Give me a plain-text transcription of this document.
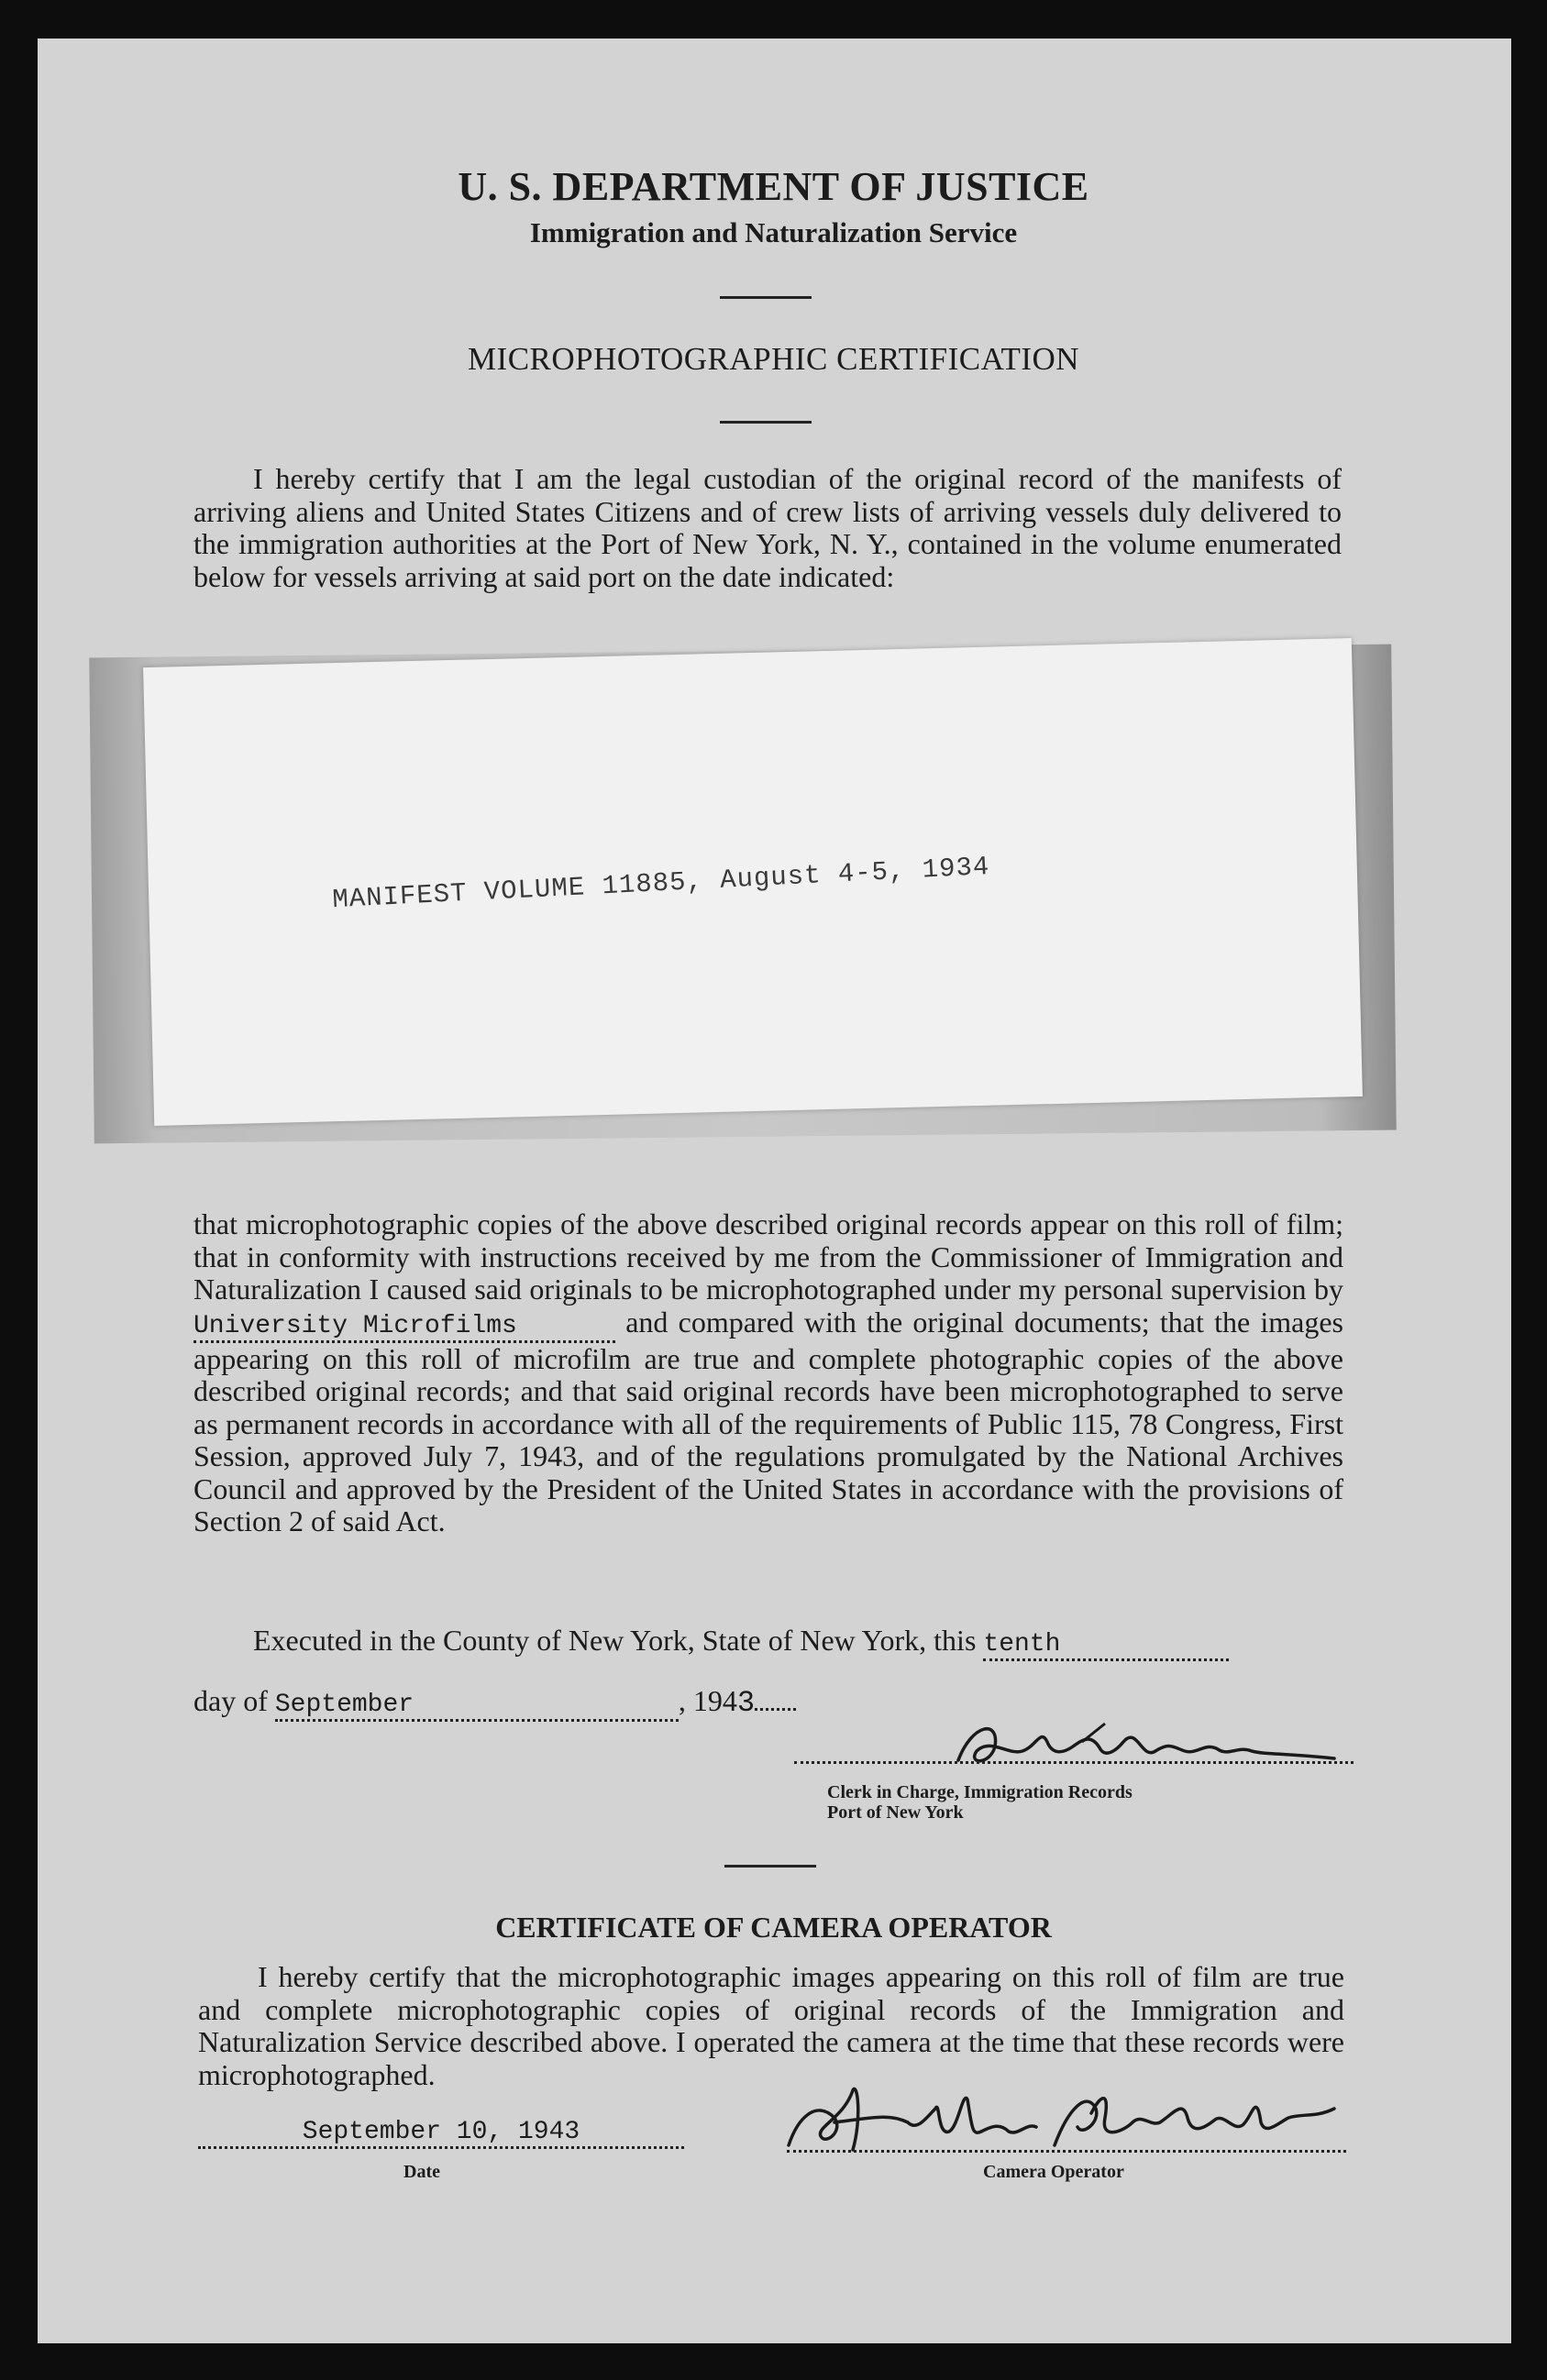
U. S. DEPARTMENT OF JUSTICE
Immigration and Naturalization Service
MICROPHOTOGRAPHIC CERTIFICATION
I hereby certify that I am the legal custodian of the original record of the manifests of arriving aliens and United States Citizens and of crew lists of arriving vessels duly delivered to the immigration authorities at the Port of New York, N. Y., contained in the volume enumerated below for vessels arriving at said port on the date indicated:
MANIFEST VOLUME 11885, August 4-5, 1934
that microphotographic copies of the above described original records appear on this roll of film; that in conformity with instructions received by me from the Commissioner of Immigration and Naturalization I caused said originals to be microphotographed under my personal supervision by University Microfilms	and compared with the original documents; that the images appearing on this roll of microfilm are true and complete photographic copies of the above described original records; and that said original records have been microphotographed to serve as permanent records in accordance with all of the requirements of Public 115, 78 Congress, First Session, approved July 7, 1943, and of the regulations promulgated by the National Archives Council and approved by the President of the United States in accordance with the provisions of Section 2 of said Act.
Executed in the County of New York, State of New York, this tenth
day of September	, 1943
Clerk in Charge, Immigration Records
Port of New York
CERTIFICATE OF CAMERA OPERATOR
I hereby certify that the microphotographic images appearing on this roll of film are true and complete microphotographic copies of original records of the Immigration and Naturalization Service described above. I operated the camera at the time that these records were microphotographed.
September 10, 1943
Date	Camera Operator
